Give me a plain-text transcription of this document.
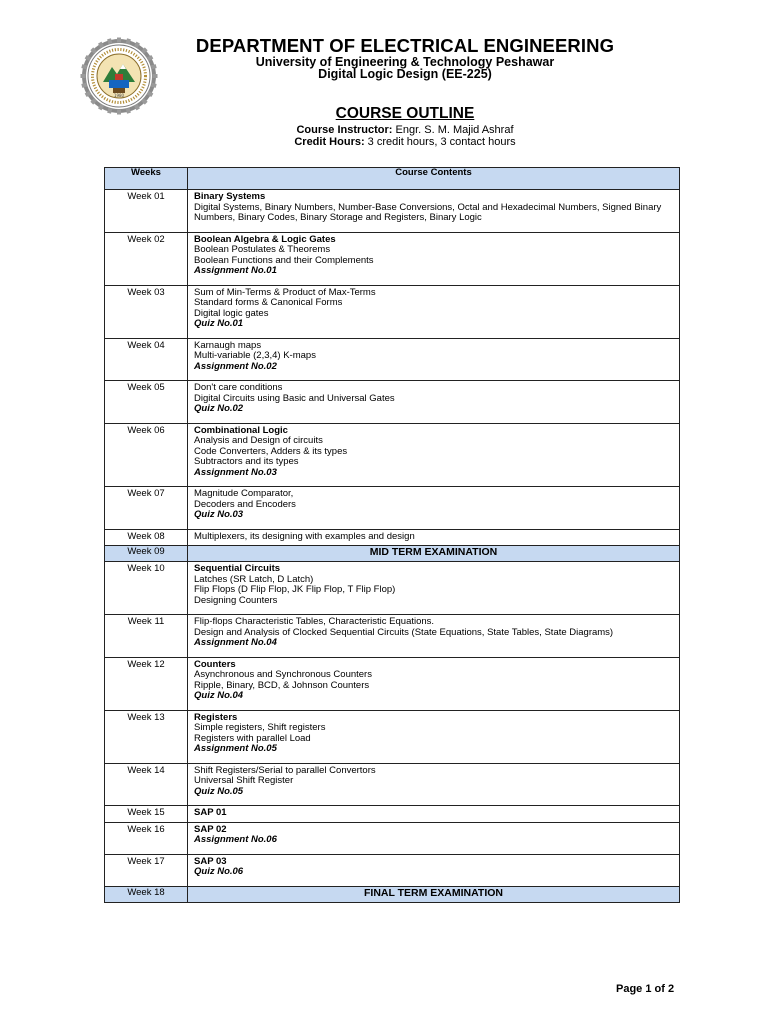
1980
DEPARTMENT OF ELECTRICAL ENGINEERING
University of Engineering & Technology Peshawar
Digital Logic Design (EE-225)
COURSE OUTLINE
Course Instructor: Engr. S. M. Majid Ashraf
Credit Hours: 3 credit hours, 3 contact hours
Weeks	Course Contents
Week 01	Binary Systems
Digital Systems, Binary Numbers, Number-Base Conversions, Octal and Hexadecimal Numbers, Signed Binary Numbers, Binary Codes, Binary Storage and Registers, Binary Logic

Week 02	Boolean Algebra & Logic Gates
Boolean Postulates & Theorems
Boolean Functions and their Complements
Assignment No.01

Week 03	Sum of Min-Terms & Product of Max-Terms
Standard forms & Canonical Forms
Digital logic gates
Quiz No.01

Week 04	Karnaugh maps
Multi-variable (2,3,4) K-maps
Assignment No.02

Week 05	Don't care conditions
Digital Circuits using Basic and Universal Gates
Quiz No.02

Week 06	Combinational Logic
Analysis and Design of circuits
Code Converters, Adders & its types
Subtractors and its types
Assignment No.03

Week 07	Magnitude Comparator,
Decoders and Encoders
Quiz No.03

Week 08	Multiplexers, its designing with examples and design

Week 09	MID TERM EXAMINATION
Week 10	Sequential Circuits
Latches (SR Latch, D Latch)
Flip Flops (D Flip Flop, JK Flip Flop, T Flip Flop)
Designing Counters

Week 11	Flip-flops Characteristic Tables, Characteristic Equations.
Design and Analysis of Clocked Sequential Circuits (State Equations, State Tables, State Diagrams)
Assignment No.04

Week 12	Counters
Asynchronous and Synchronous Counters
Ripple, Binary, BCD, & Johnson Counters
Quiz No.04

Week 13	Registers
Simple registers, Shift registers
Registers with parallel Load
Assignment No.05

Week 14	Shift Registers/Serial to parallel Convertors
Universal Shift Register
Quiz No.05

Week 15	SAP 01

Week 16	SAP 02
Assignment No.06

Week 17	SAP 03
Quiz No.06

Week 18	FINAL TERM EXAMINATION
Page 1 of 2
